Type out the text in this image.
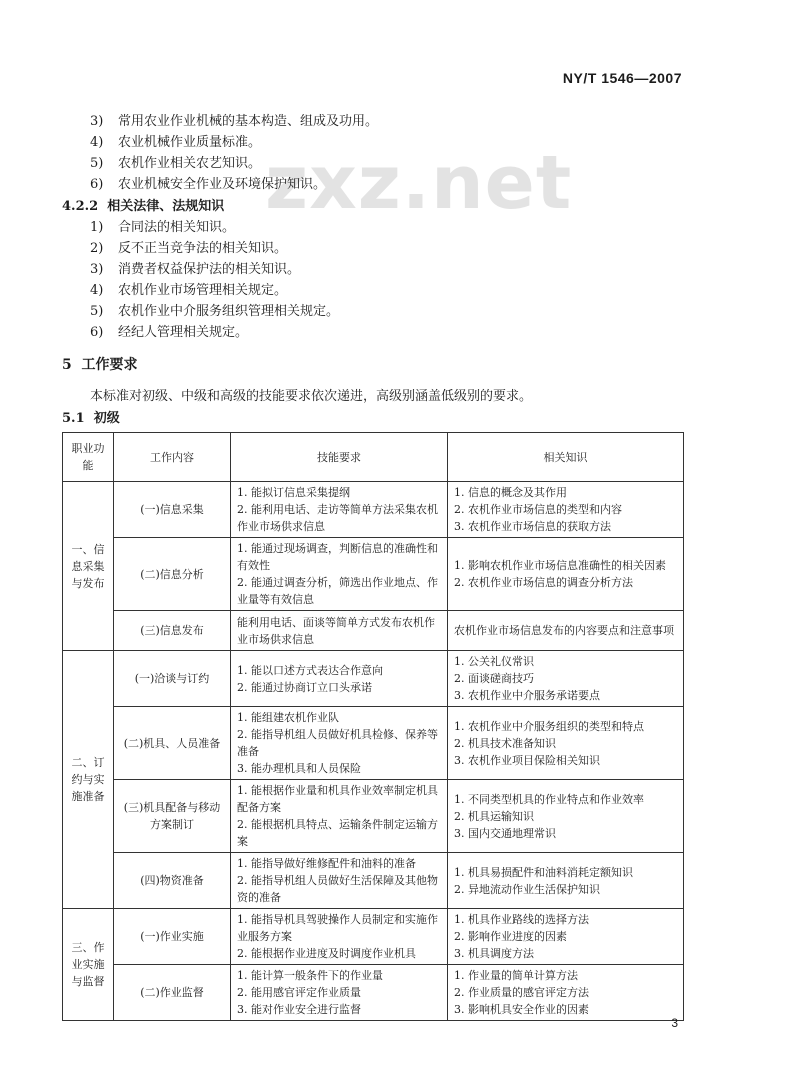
zxz.net
NY/T 1546—2007
3) 常用农业作业机械的基本构造、组成及功用。
4) 农业机械作业质量标准。
5) 农机作业相关农艺知识。
6) 农业机械安全作业及环境保护知识。
4.2.2 相关法律、法规知识
1) 合同法的相关知识。
2) 反不正当竞争法的相关知识。
3) 消费者权益保护法的相关知识。
4) 农机作业市场管理相关规定。
5) 农机作业中介服务组织管理相关规定。
6) 经纪人管理相关规定。
5 工作要求
本标准对初级、中级和高级的技能要求依次递进，高级别涵盖低级别的要求。
5.1 初级
职业功能	工作内容	技能要求	相关知识
一、信息采集与发布	(一)信息采集	1. 能拟订信息采集提纲
2. 能利用电话、走访等简单方法采集农机作业市场供求信息	1. 信息的概念及其作用
2. 农机作业市场信息的类型和内容
3. 农机作业市场信息的获取方法

	(二)信息分析	1. 能通过现场调查，判断信息的准确性和有效性
2. 能通过调查分析，筛选出作业地点、作业量等有效信息	1. 影响农机作业市场信息准确性的相关因素
2. 农机作业市场信息的调查分析方法

	(三)信息发布	能利用电话、面谈等简单方式发布农机作业市场供求信息	农机作业市场信息发布的内容要点和注意事项

二、订约与实施准备	(一)洽谈与订约	1. 能以口述方式表达合作意向
2. 能通过协商订立口头承诺	1. 公关礼仪常识
2. 面谈磋商技巧
3. 农机作业中介服务承诺要点

	(二)机具、人员准备	1. 能组建农机作业队
2. 能指导机组人员做好机具检修、保养等准备
3. 能办理机具和人员保险	1. 农机作业中介服务组织的类型和特点
2. 机具技术准备知识
3. 农机作业项目保险相关知识

	(三)机具配备与移动方案制订	1. 能根据作业量和机具作业效率制定机具配备方案
2. 能根据机具特点、运输条件制定运输方案	1. 不同类型机具的作业特点和作业效率
2. 机具运输知识
3. 国内交通地理常识

	(四)物资准备	1. 能指导做好维修配件和油料的准备
2. 能指导机组人员做好生活保障及其他物资的准备	1. 机具易损配件和油料消耗定额知识
2. 异地流动作业生活保护知识

三、作业实施与监督	(一)作业实施	1. 能指导机具驾驶操作人员制定和实施作业服务方案
2. 能根据作业进度及时调度作业机具	1. 机具作业路线的选择方法
2. 影响作业进度的因素
3. 机具调度方法

	(二)作业监督	1. 能计算一般条件下的作业量
2. 能用感官评定作业质量
3. 能对作业安全进行监督	1. 作业量的简单计算方法
2. 作业质量的感官评定方法
3. 影响机具安全作业的因素
3
